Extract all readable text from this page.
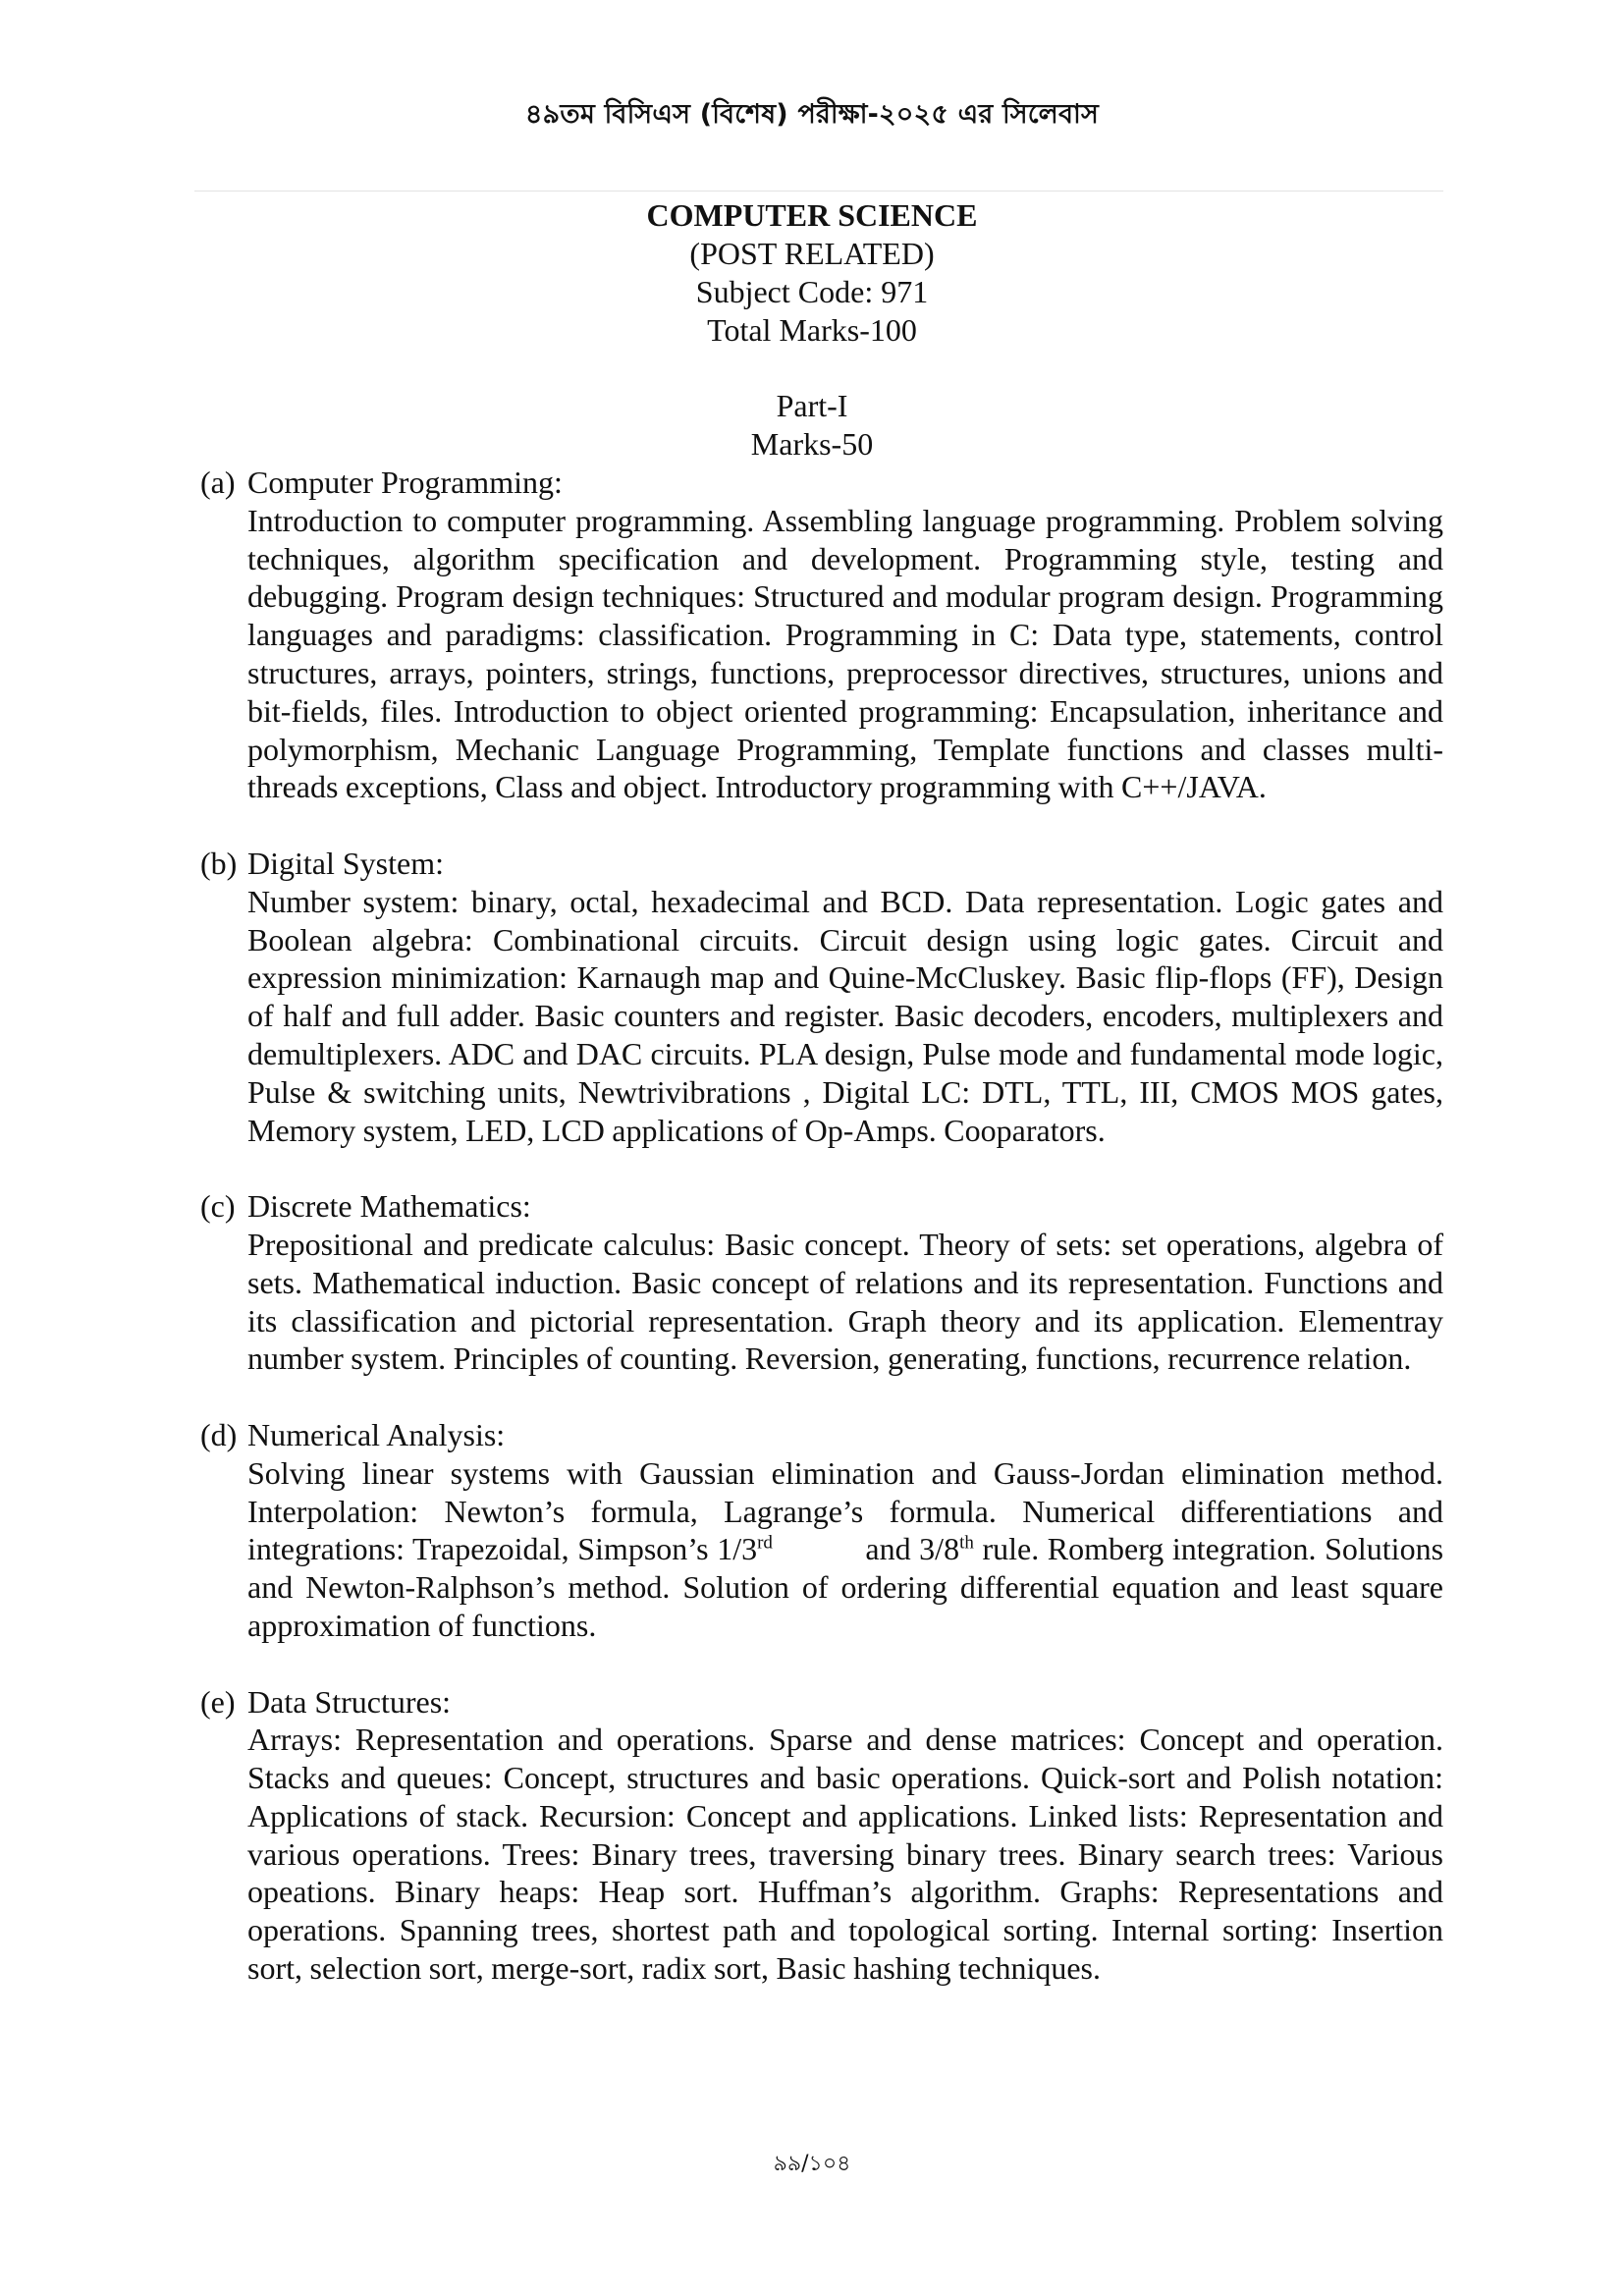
৪৯তম বিসিএস (বিশেষ) পরীক্ষা-২০২৫ এর সিলেবাস
COMPUTER SCIENCE
(POST RELATED)
Subject Code: 971
Total Marks-100
Part-I
Marks-50
(a) Computer Programming:
Introduction to computer programming. Assembling language programming. Problem solving techniques, algorithm specification and development. Programming style, testing and debugging. Program design techniques: Structured and modular program design. Programming languages and paradigms: classification. Programming in C: Data type, statements, control structures, arrays, pointers, strings, functions, preprocessor directives, structures, unions and bit-fields, files. Introduction to object oriented programming: Encapsulation, inheritance and polymorphism, Mechanic Language Programming, Template functions and classes multi-threads exceptions, Class and object. Introductory programming with C++/JAVA.
(b) Digital System:
Number system: binary, octal, hexadecimal and BCD. Data representation. Logic gates and Boolean algebra: Combinational circuits. Circuit design using logic gates. Circuit and expression minimization: Karnaugh map and Quine-McCluskey. Basic flip-flops (FF), Design of half and full adder. Basic counters and register. Basic decoders, encoders, multiplexers and demultiplexers. ADC and DAC circuits. PLA design, Pulse mode and fundamental mode logic, Pulse & switching units, Newtrivibrations , Digital LC: DTL, TTL, III, CMOS MOS gates, Memory system, LED, LCD applications of Op-Amps. Cooparators.
(c) Discrete Mathematics:
Prepositional and predicate calculus: Basic concept. Theory of sets: set operations, algebra of sets. Mathematical induction. Basic concept of relations and its representation. Functions and its classification and pictorial representation. Graph theory and its application. Elementray number system. Principles of counting. Reversion, generating, functions, recurrence relation.
(d) Numerical Analysis:
Solving linear systems with Gaussian elimination and Gauss-Jordan elimination method. Interpolation: Newton’s formula, Lagrange’s formula. Numerical differentiations and integrations: Trapezoidal, Simpson’s 1/3rd	and 3/8th rule. Romberg integration. Solutions and Newton-Ralphson’s method. Solution of ordering differential equation and least square approximation of functions.
(e) Data Structures:
Arrays: Representation and operations. Sparse and dense matrices: Concept and operation. Stacks and queues: Concept, structures and basic operations. Quick-sort and Polish notation: Applications of stack. Recursion: Concept and applications. Linked lists: Representation and various operations. Trees: Binary trees, traversing binary trees. Binary search trees: Various opeations. Binary heaps: Heap sort. Huffman’s algorithm. Graphs: Representations and operations. Spanning trees, shortest path and topological sorting. Internal sorting: Insertion sort, selection sort, merge-sort, radix sort, Basic hashing techniques.
৯৯/১০৪
